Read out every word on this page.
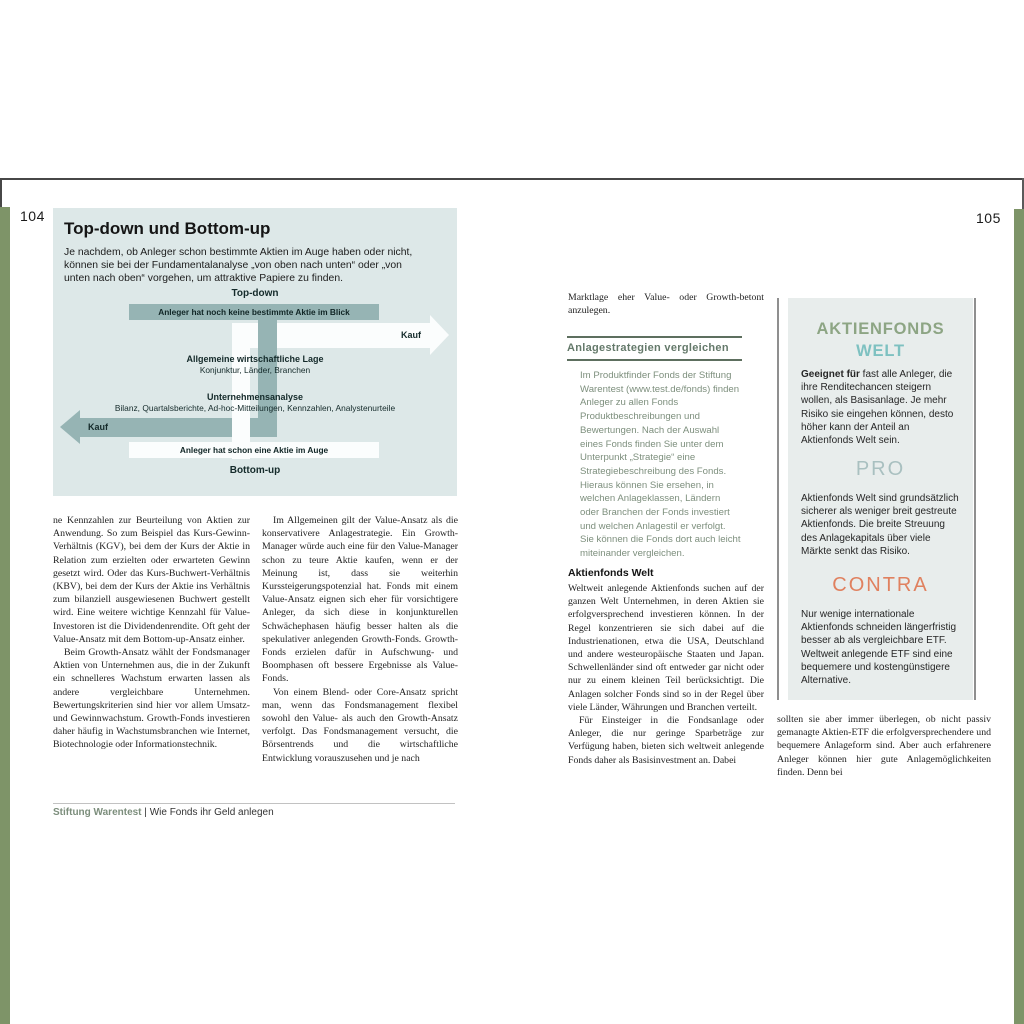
104	105
Top-down und Bottom-up
Je nachdem, ob Anleger schon bestimmte Aktien im Auge haben oder nicht, können sie bei der Fundamentalanalyse „von oben nach unten“ oder „von unten nach oben“ vorgehen, um attraktive Papiere zu finden.
Top-down
Anleger hat noch keine bestimmte Aktie im Blick
Anleger hat schon eine Aktie im Auge
Allgemeine wirtschaftliche Lage
Konjunktur, Länder, Branchen
Unternehmensanalyse
Bilanz, Quartalsberichte, Ad-hoc-Mitteilungen, Kennzahlen, Analystenurteile
Kauf
Kauf
Bottom-up

ne Kennzahlen zur Beurteilung von Aktien zur Anwendung. So zum Beispiel das Kurs-Gewinn-Verhältnis (KGV), bei dem der Kurs der Aktie in Relation zum erzielten oder erwarteten Gewinn gesetzt wird. Oder das Kurs-Buchwert-Verhältnis (KBV), bei dem der Kurs der Aktie ins Verhältnis zum bilanziell ausgewiesenen Buchwert gestellt wird. Eine weitere wichtige Kennzahl für Value-Investoren ist die Dividendenrendite. Oft geht der Value-Ansatz mit dem Bottom-up-Ansatz einher.

Beim Growth-Ansatz wählt der Fondsmanager Aktien von Unternehmen aus, die in der Zukunft ein schnelleres Wachstum erwarten lassen als andere vergleichbare Unternehmen. Bewertungskriterien sind hier vor allem Umsatz- und Gewinnwachstum. Growth-Fonds investieren daher häufig in Wachstumsbranchen wie Internet, Biotechnologie oder Informationstechnik.

Im Allgemeinen gilt der Value-Ansatz als die konservativere Anlagestrategie. Ein Growth-Manager würde auch eine für den Value-Manager schon zu teure Aktie kaufen, wenn er der Meinung ist, dass sie weiterhin Kurssteigerungspotenzial hat. Fonds mit einem Value-Ansatz eignen sich eher für vorsichtigere Anleger, da sich diese in konjunkturellen Schwächephasen häufig besser halten als die spekulativer anlegenden Growth-Fonds. Growth-Fonds erzielen dafür in Aufschwung- und Boomphasen oft bessere Ergebnisse als Value-Fonds.

Von einem Blend- oder Core-Ansatz spricht man, wenn das Fondsmanagement flexibel sowohl den Value- als auch den Growth-Ansatz verfolgt. Das Fondsmanagement versucht, die Börsentrends und die wirtschaftliche Entwicklung vorauszusehen und je nach

Stiftung Warentest | Wie Fonds ihr Geld anlegen

Marktlage eher Value- oder Growth-betont anzulegen.

Anlagestrategien vergleichen
Im Produktfinder Fonds der Stiftung Warentest (www.test.de/fonds) finden Anleger zu allen Fonds Produktbeschreibungen und Bewertungen. Nach der Auswahl eines Fonds finden Sie unter dem Unterpunkt „Strategie“ eine Strategiebeschreibung des Fonds. Hieraus können Sie ersehen, in welchen Anlageklassen, Ländern oder Branchen der Fonds investiert und welchen Anlagestil er verfolgt. Sie können die Fonds dort auch leicht miteinander vergleichen.
Aktienfonds Welt

Weltweit anlegende Aktienfonds suchen auf der ganzen Welt Unternehmen, in deren Aktien sie erfolgversprechend investieren können. In der Regel konzentrieren sie sich dabei auf die Industrienationen, etwa die USA, Deutschland und andere westeuropäische Staaten und Japan. Schwellenländer sind oft entweder gar nicht oder nur zu einem kleinen Teil berücksichtigt. Die Anlagen solcher Fonds sind so in der Regel über viele Länder, Währungen und Branchen verteilt.

Für Einsteiger in die Fondsanlage oder Anleger, die nur geringe Sparbeträge zur Verfügung haben, bieten sich weltweit anlegende Fonds daher als Basisinvestment an. Dabei

AKTIENFONDS
WELT
Geeignet für fast alle Anleger, die ihre Renditechancen steigern wollen, als Basisanlage. Je mehr Risiko sie eingehen können, desto höher kann der Anteil an Aktienfonds Welt sein.
PRO
Aktienfonds Welt sind grundsätzlich sicherer als weniger breit gestreute Aktienfonds. Die breite Streuung des Anlagekapitals über viele Märkte senkt das Risiko.
CONTRA
Nur wenige internationale Aktienfonds schneiden längerfristig besser ab als vergleichbare ETF. Weltweit anlegende ETF sind eine bequemere und kostengünstigere Alternative.

sollten sie aber immer überlegen, ob nicht passiv gemanagte Aktien-ETF die erfolgversprechendere und bequemere Anlageform sind. Aber auch erfahrenere Anleger können hier gute Anlagemöglichkeiten finden. Denn bei
